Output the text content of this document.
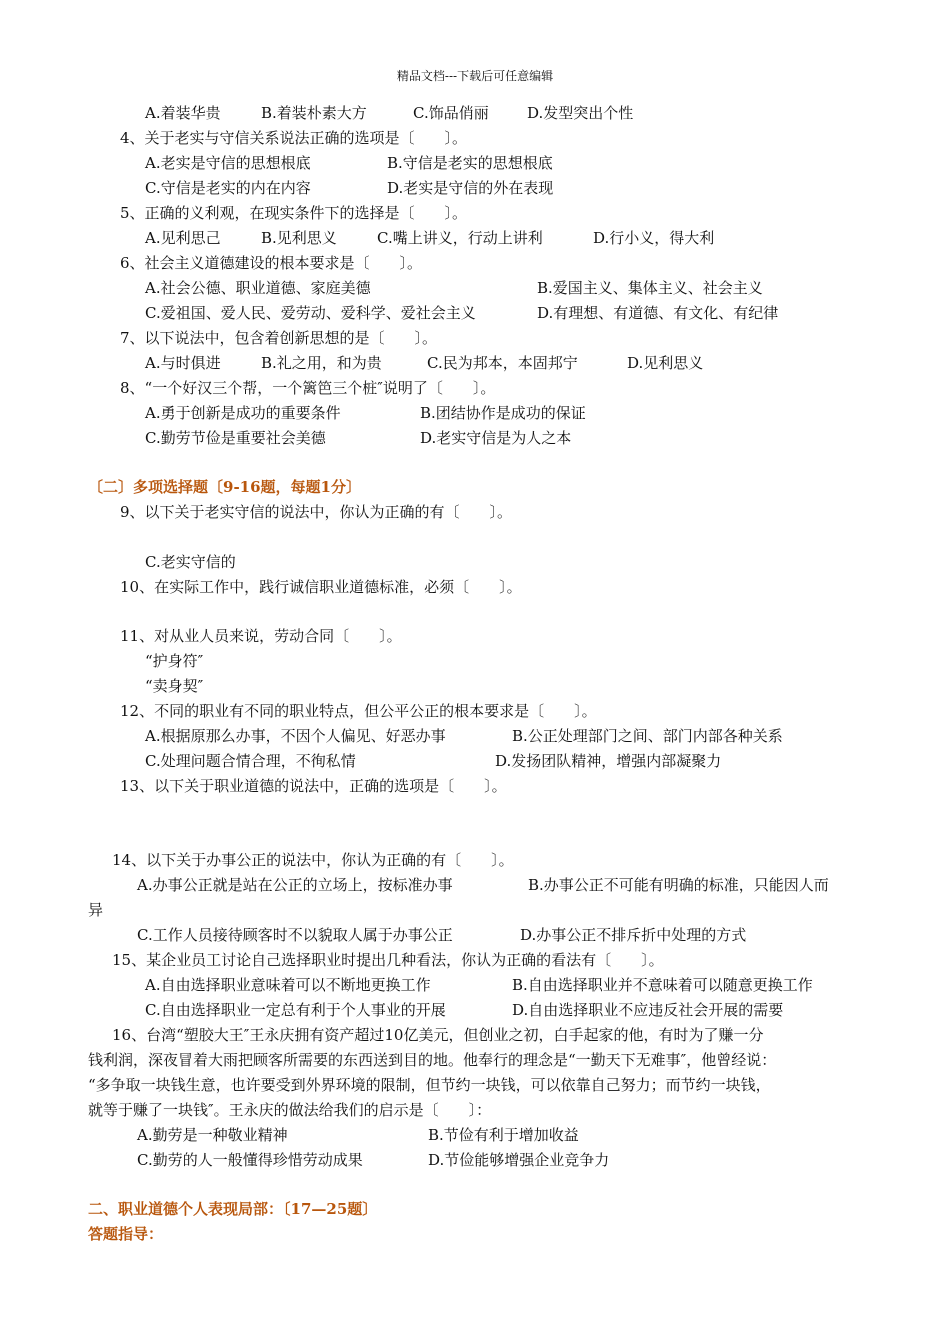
精品文档---下载后可任意编辑
A.着装华贵	B.着装朴素大方	C.饰品俏丽	D.发型突出个性
4、关于老实与守信关系说法正确的选项是〔　　〕。
A.老实是守信的思想根底	B.守信是老实的思想根底
C.守信是老实的内在内容	D.老实是守信的外在表现
5、正确的义利观，在现实条件下的选择是〔　　〕。
A.见利思己	B.见利思义	C.嘴上讲义，行动上讲利	D.行小义，得大利
6、社会主义道德建设的根本要求是〔　　〕。
A.社会公德、职业道德、家庭美德	B.爱国主义、集体主义、社会主义
C.爱祖国、爱人民、爱劳动、爱科学、爱社会主义	D.有理想、有道德、有文化、有纪律
7、以下说法中，包含着创新思想的是〔　　〕。
A.与时俱进	B.礼之用，和为贵	C.民为邦本，本固邦宁	D.见利思义
8、“一个好汉三个帮，一个篱笆三个桩″说明了〔　　〕。
A.勇于创新是成功的重要条件	B.团结协作是成功的保证
C.勤劳节俭是重要社会美德	D.老实守信是为人之本
〔二〕多项选择题〔9-16题，每题1分〕
9、以下关于老实守信的说法中，你认为正确的有〔　　〕。
C.老实守信的
10、在实际工作中，践行诚信职业道德标准，必须〔　　〕。
11、对从业人员来说，劳动合同〔　　〕。
“护身符″
“卖身契″
12、不同的职业有不同的职业特点，但公平公正的根本要求是〔　　〕。
A.根据原那么办事，不因个人偏见、好恶办事	B.公正处理部门之间、部门内部各种关系
C.处理问题合情合理，不徇私情	D.发扬团队精神，增强内部凝聚力
13、以下关于职业道德的说法中，正确的选项是〔　　〕。
14、以下关于办事公正的说法中，你认为正确的有〔　　〕。
A.办事公正就是站在公正的立场上，按标准办事	B.办事公正不可能有明确的标准，只能因人而
异
C.工作人员接待顾客时不以貌取人属于办事公正	D.办事公正不排斥折中处理的方式
15、某企业员工讨论自己选择职业时提出几种看法，你认为正确的看法有〔　　〕。
A.自由选择职业意味着可以不断地更换工作	B.自由选择职业并不意味着可以随意更换工作
C.自由选择职业一定总有利于个人事业的开展	D.自由选择职业不应违反社会开展的需要
16、台湾“塑胶大王″王永庆拥有资产超过10亿美元，但创业之初，白手起家的他，有时为了赚一分
钱利润，深夜冒着大雨把顾客所需要的东西送到目的地。他奉行的理念是“一勤天下无难事″，他曾经说：
“多争取一块钱生意，也许要受到外界环境的限制，但节约一块钱，可以依靠自己努力；而节约一块钱，
就等于赚了一块钱″。王永庆的做法给我们的启示是〔　　〕：
A.勤劳是一种敬业精神	B.节俭有利于增加收益
C.勤劳的人一般懂得珍惜劳动成果	D.节俭能够增强企业竞争力
二、职业道德个人表现局部：〔17—25题〕
答题指导：
